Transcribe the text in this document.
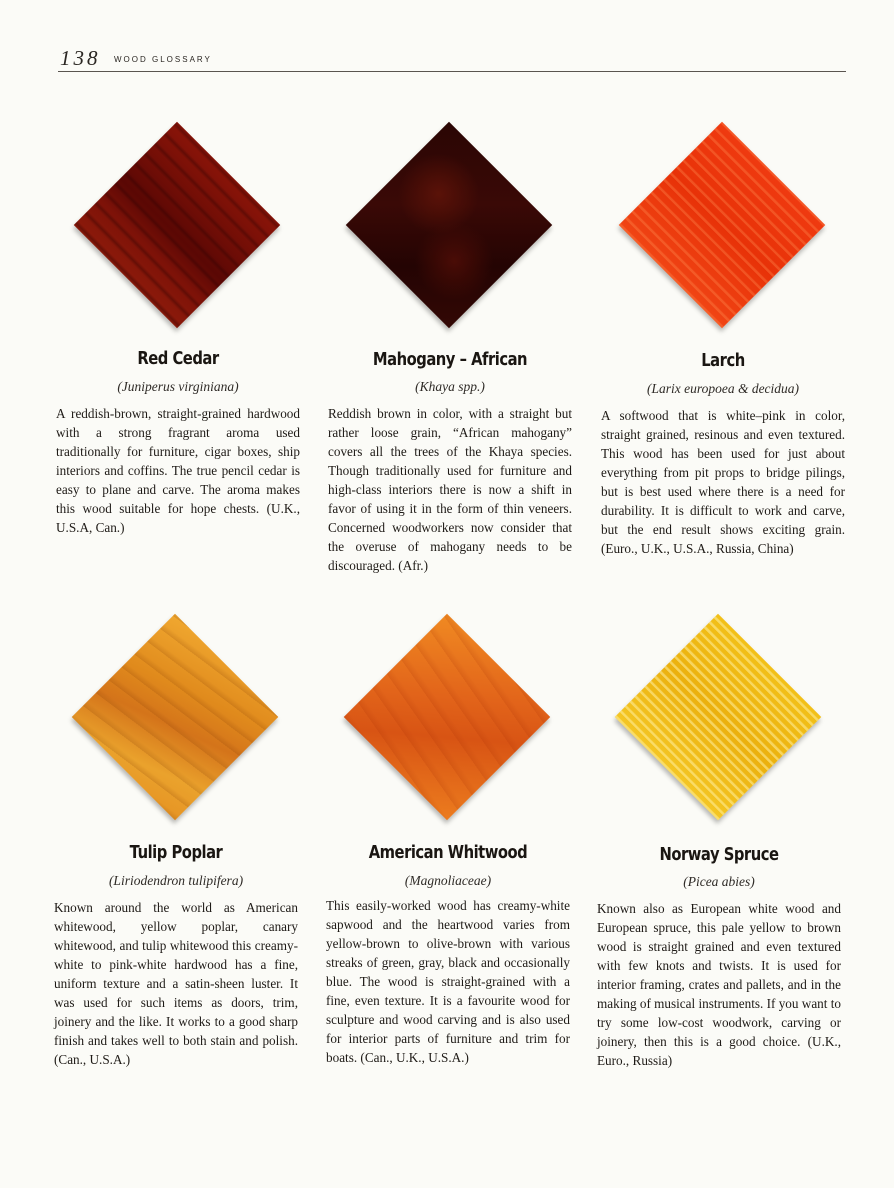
138 WOOD GLOSSARY
Red Cedar
(Juniperus virginiana)

A reddish-brown, straight-grained hardwood with a strong fragrant aroma used traditionally for furniture, cigar boxes, ship interiors and coffins. The true pencil cedar is easy to plane and carve. The aroma makes this wood suitable for hope chests. (U.K., U.S.A, Can.)

Mahogany – African
(Khaya spp.)

Reddish brown in color, with a straight but rather loose grain, “African mahogany” covers all the trees of the Khaya species. Though traditionally used for furniture and high-class interiors there is now a shift in favor of using it in the form of thin veneers. Concerned woodworkers now consider that the overuse of mahogany needs to be discouraged. (Afr.)

Larch
(Larix europoea & decidua)

A softwood that is white–pink in color, straight grained, resinous and even textured. This wood has been used for just about everything from pit props to bridge pilings, but is best used where there is a need for durability. It is difficult to work and carve, but the end result shows exciting grain. (Euro., U.K., U.S.A., Russia, China)

Tulip Poplar
(Liriodendron tulipifera)

Known around the world as American whitewood, yellow poplar, canary whitewood, and tulip whitewood this creamy-white to pink-white hardwood has a fine, uniform texture and a satin-sheen luster. It was used for such items as doors, trim, joinery and the like. It works to a good sharp finish and takes well to both stain and polish. (Can., U.S.A.)

American Whitwood
(Magnoliaceae)

This easily-worked wood has creamy-white sapwood and the heartwood varies from yellow-brown to olive-brown with various streaks of green, gray, black and occasionally blue. The wood is straight-grained with a fine, even texture. It is a favourite wood for sculpture and wood carving and is also used for interior parts of furniture and trim for boats. (Can., U.K., U.S.A.)

Norway Spruce
(Picea abies)

Known also as European white wood and European spruce, this pale yellow to brown wood is straight grained and even textured with few knots and twists. It is used for interior framing, crates and pallets, and in the making of musical instruments. If you want to try some low-cost woodwork, carving or joinery, then this is a good choice. (U.K., Euro., Russia)
